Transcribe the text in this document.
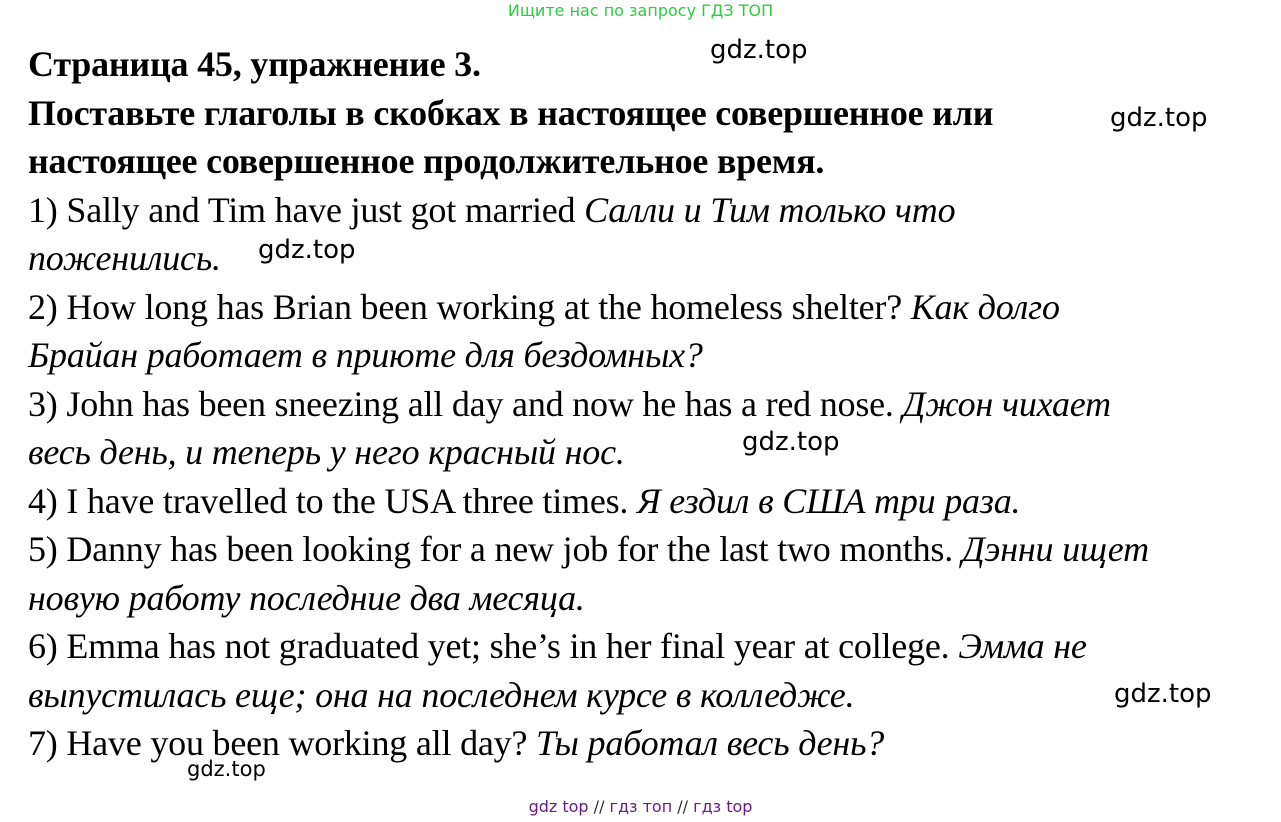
Ищите нас по запросу ГДЗ ТОП
Страница 45, упражнение 3.
Поставьте глаголы в скобках в настоящее совершенное или
настоящее совершенное продолжительное время.
1) Sally and Tim have just got married Салли и Тим только что
поженились.
2) How long has Brian been working at the homeless shelter? Как долго
Брайан работает в приюте для бездомных?
3) John has been sneezing all day and now he has a red nose. Джон чихает
весь день, и теперь у него красный нос.
4) I have travelled to the USA three times. Я ездил в США три раза.
5) Danny has been looking for a new job for the last two months. Дэнни ищет
новую работу последние два месяца.
6) Emma has not graduated yet; she’s in her final year at college. Эмма не
выпустилась еще; она на последнем курсе в колледже.
7) Have you been working all day? Ты работал весь день?
gdz.top
gdz.top
gdz.top
gdz.top
gdz.top
gdz.top
gdz top // гдз топ // гдз top
